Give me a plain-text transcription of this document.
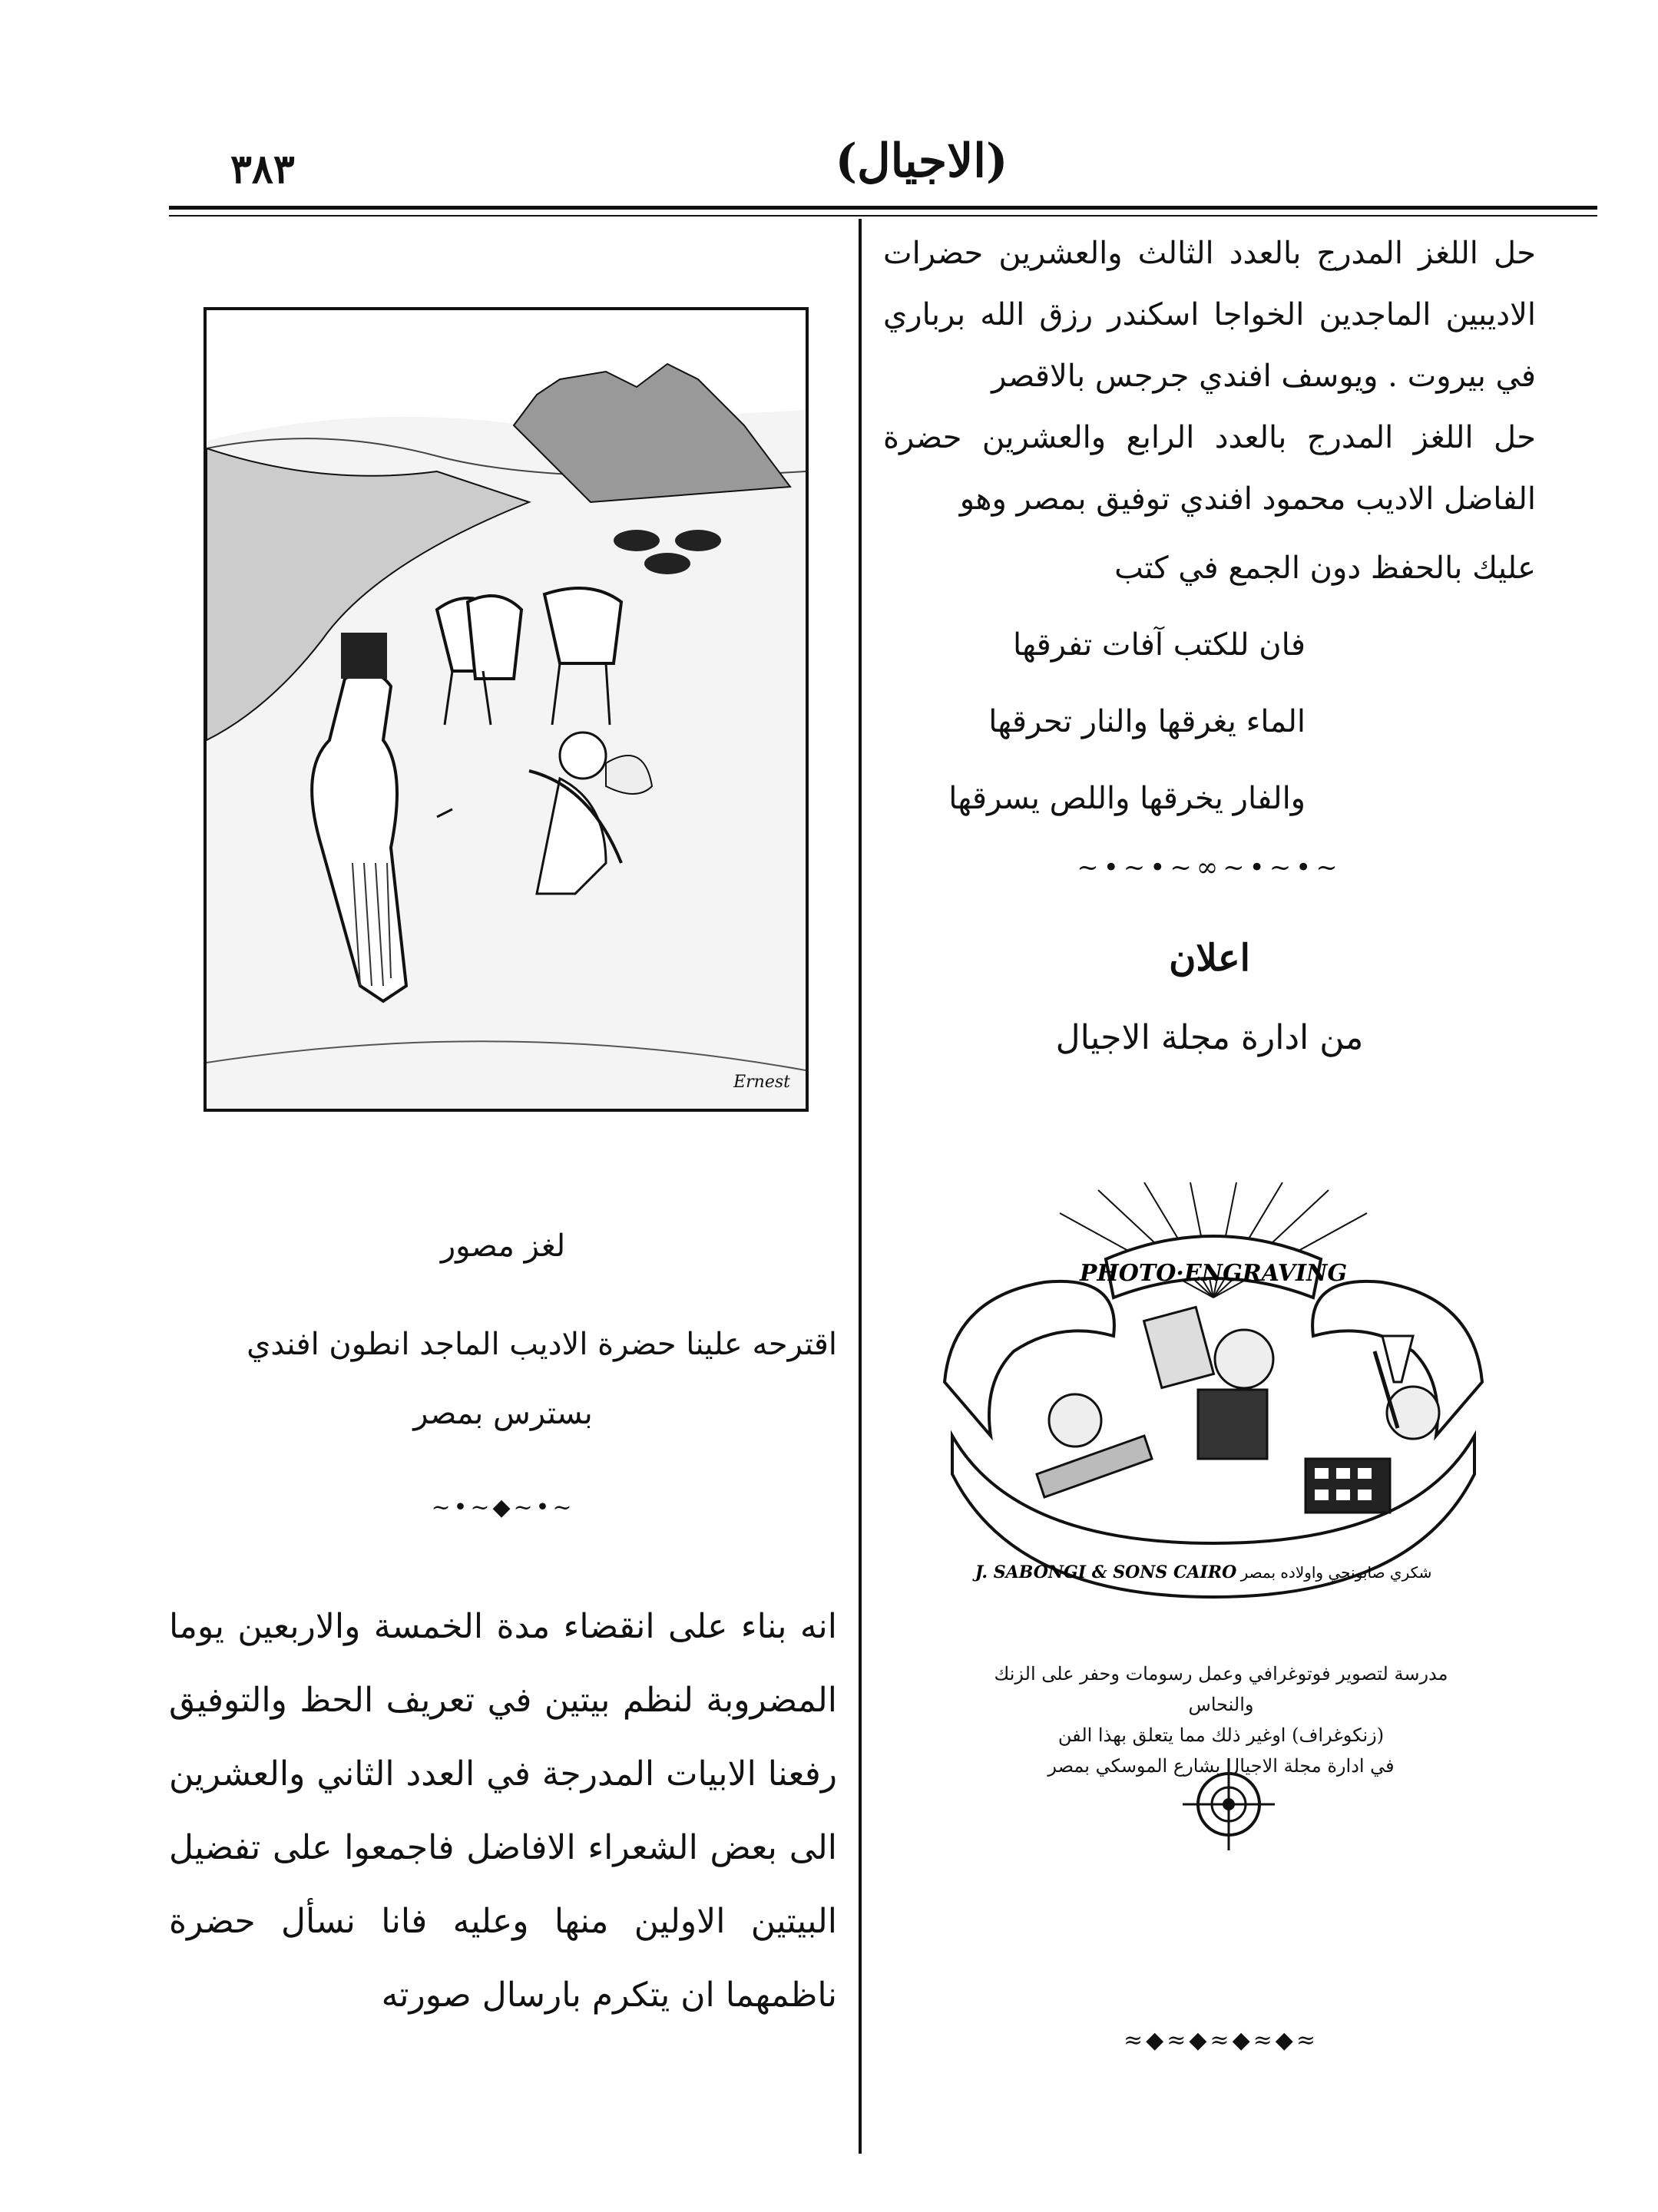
٣٨٣	(الاجيال)
حل اللغز المدرج بالعدد الثالث والعشرين حضرات الاديبين الماجدين الخواجا اسكندر رزق الله برباري في بيروت . ويوسف افندي جرجس بالاقصر
حل اللغز المدرج بالعدد الرابع والعشرين حضرة الفاضل الاديب محمود افندي توفيق بمصر وهو
عليك بالحفظ دون الجمع في كتب
فان للكتب آفات تفرقها
الماء يغرقها والنار تحرقها
والفار يخرقها واللص يسرقها
~•~•~∞~•~•~
اعلان
من ادارة مجلة الاجيال
PHOTO·ENGRAVING
J. SABONGI & SONS CAIRO شكري صابونجي واولاده بمصر
مدرسة لتصوير فوتوغرافي وعمل رسومات وحفر على الزنك والنحاس
(زنكوغراف) اوغير ذلك مما يتعلق بهذا الفن
في ادارة مجلة الاجيال بشارع الموسكي بمصر
≈◆≈◆≈◆≈◆≈
Ernest
لغز مصور
اقترحه علينا حضرة الاديب الماجد انطون افندي
بسترس بمصر
~•~◆~•~
انه بناء على انقضاء مدة الخمسة والاربعين يوما المضروبة لنظم بيتين في تعريف الحظ والتوفيق رفعنا الابيات المدرجة في العدد الثاني والعشرين الى بعض الشعراء الافاضل فاجمعوا على تفضيل البيتين الاولين منها وعليه فانا نسأل حضرة ناظمهما ان يتكرم بارسال صورته
